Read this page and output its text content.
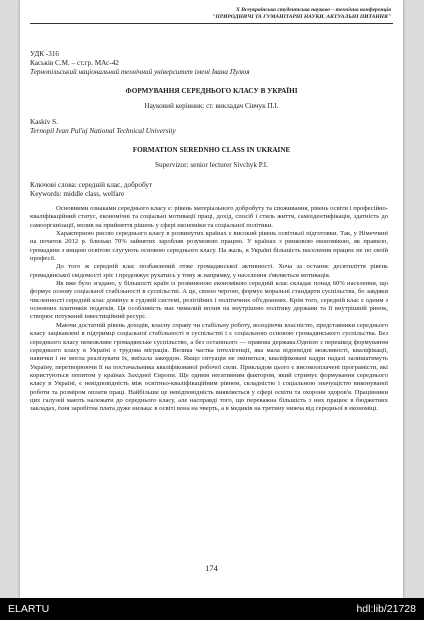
X Всеукраїнська студентська науково – технічна конференція
"ПРИРОДНИЧІ ТА ГУМАНІТАРНІ НАУКИ. АКТУАЛЬНІ ПИТАННЯ"
УДК -316
Каськів С.М. – ст.гр. МАс-42
Тернопільський національний технічний університет імені Івана Пулюя
ФОРМУВАННЯ СЕРЕДНЬОГО КЛАСУ В УКРАЇНІ
Науковий керівник: ст. викладач Сівчук П.І.
Kaskiv S.
Ternopil Ivan Pul'uj National Technical University
FORMATION SEREDNHO CLASS IN UKRAINE
Supervizor: senior lecturer Sivchyk P.I.
Ключові слова: середній клас, добробут
Keywords: middle class, welfare

Основними ознаками середнього класу є: рівень матеріального добробуту та споживання, рівень освіти і професійно-кваліфікаційний статус, економічні та соціальні мотивації праці, дохід, спосіб і стиль життя, самоідентифікація, здатність до самоорганізації, вплив на прийняття рішень у сфері економіки та соціальної політики.

Характерною рисою середнього класу в розвинутих країнах є високий рівень освітньої підготовки. Так, у Німеччині на початок 2012 р. близько 70% зайнятих заробляв розумовою працею. У країнах з ринковою економікою, як правило, громадяни з вищою освітою слугують основою середнього класу. На жаль, в Україні більшість населення працює не по своїй професії.

До того ж середній клас позбавлений отже громадянської активності. Хоча за останнє десятиліття рівень громадянської свідомості зріс і продовжує рухатись у тому ж напрямку, у населення з'являється мотивація.

Як вже було згадано, у більшості країн із розвиненою економікою середній клас складає понад 60% населення, що формує основу соціальної стабільності в суспільстві. А це, своєю чергою, формує моральні стандарти суспільства, бо завдяки численності середній клас домінує в судовій системі, релігійних і політичних об'єднаннях. Крім того, середній клас є одним з основних платників податків. Ця особливість має чималий вплив на внутрішню політику держави та її внутрішній ринок, створює потужний інвестиційний ресурс.

Маючи достатній рівень доходів, власну справу чи стабільну роботу, володіючи власністю, представники середнього класу зацікавлені в підтримці соціальної стабільності в суспільстві і є соціальною основою громадянського суспільства. Без середнього класу неможливе громадянське суспільство, а без останнього — правова держава.Однією з перешкод формування середнього класу в Україні є трудова міграція. Велика частка інтелігенції, яка мала відповідні можливості, кваліфікації, навички і не могла реалізувати їх, виїхала закордон. Якщо ситуація не зміниться, кваліфіковані кадри надалі залишатимуть Україну, перетворюючи її на постачальника кваліфікованої робочої сили. Прикладом цього є високооплачені програмісти, які користуються попитом у країнах Західної Європи. Ще одним негативним фактором, який стримує формування середнього класу в Україні, є невідповідність між освітньо-кваліфікаційним рівнем, складністю і соціальною значущістю виконуваної роботи та розміром оплати праці. Найбільше це невідповідність виявляється у сфері освіти та охорони здоров'я. Працівники цих галузей мають належати до середнього класу, але насправді того, що переважна більшість з них працює в бюджетних закладах, їхня заробітна плата дуже низька: в освіті вона на чверть, а в медиків на третину нижча від середньої в економіці.

174
ELARTU	hdl:lib/21728
